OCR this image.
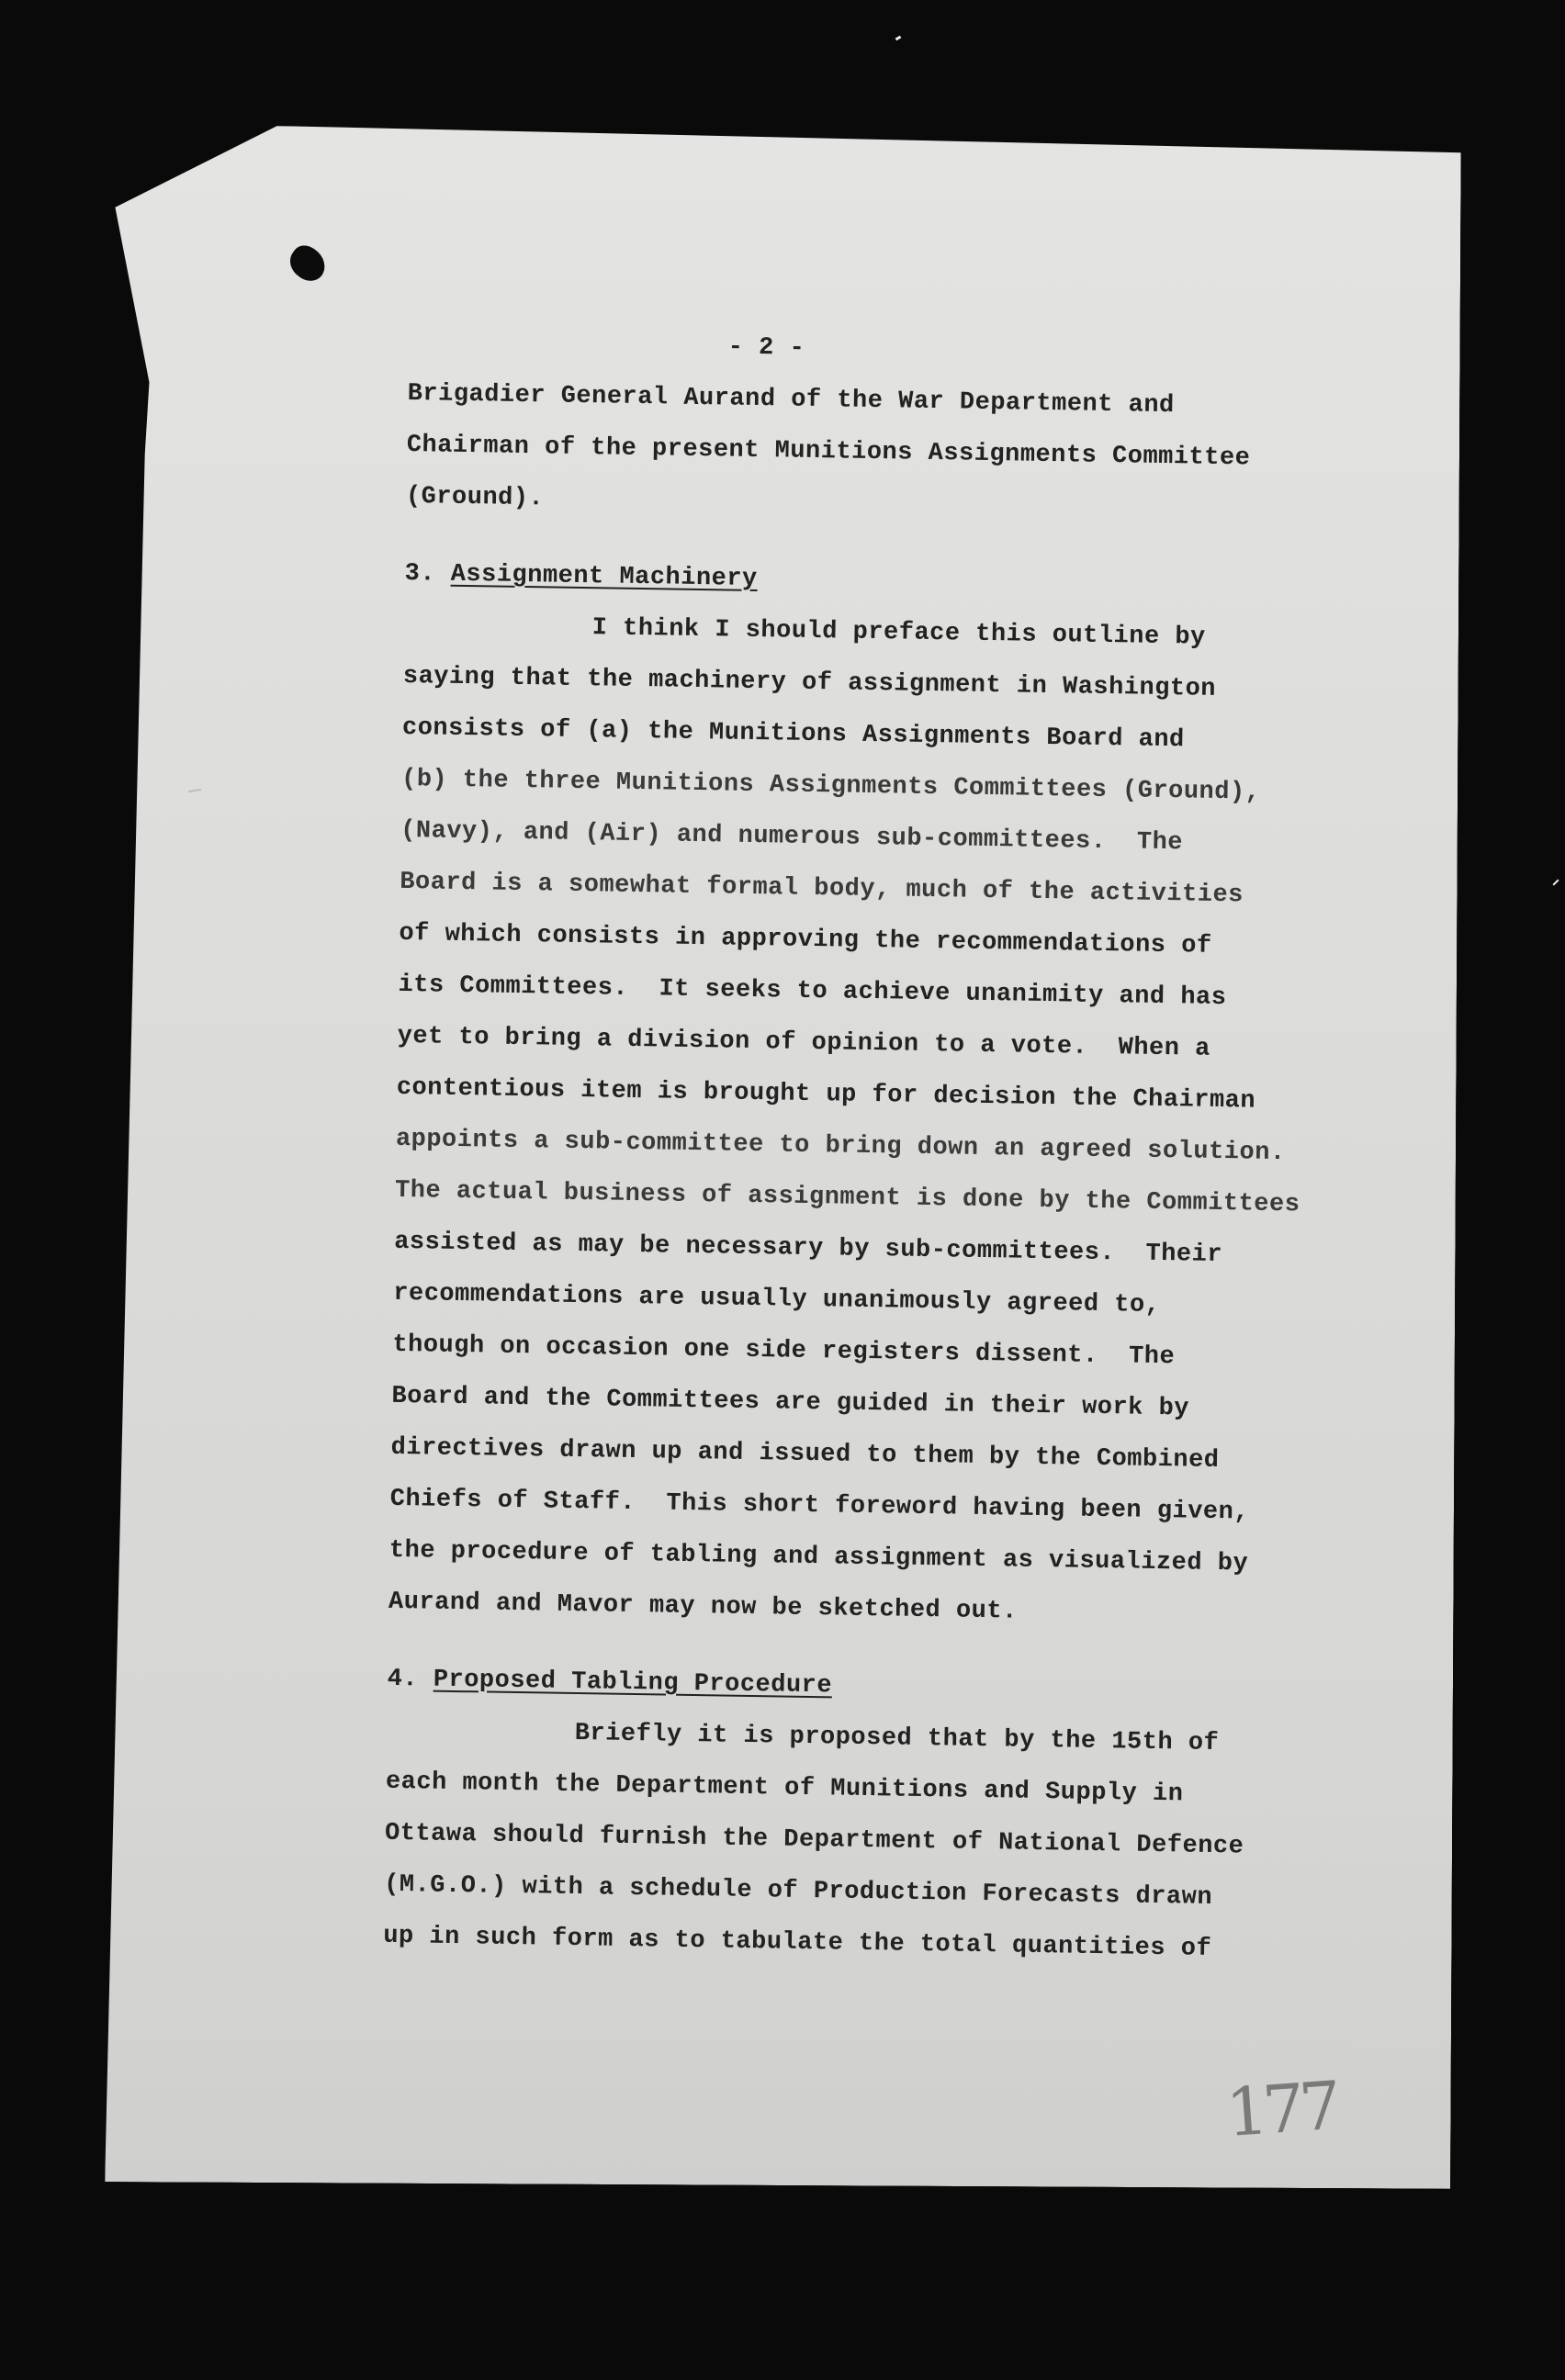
- 2 -
Brigadier General Aurand of the War Department and
Chairman of the present Munitions Assignments Committee
(Ground).
3. Assignment Machinery
I think I should preface this outline by
saying that the machinery of assignment in Washington
consists of (a) the Munitions Assignments Board and
(b) the three Munitions Assignments Committees (Ground),
(Navy), and (Air) and numerous sub-committees.  The
Board is a somewhat formal body, much of the activities
of which consists in approving the recommendations of
its Committees.  It seeks to achieve unanimity and has
yet to bring a division of opinion to a vote.  When a
contentious item is brought up for decision the Chairman
appoints a sub-committee to bring down an agreed solution.
The actual business of assignment is done by the Committees
assisted as may be necessary by sub-committees.  Their
recommendations are usually unanimously agreed to,
though on occasion one side registers dissent.  The
Board and the Committees are guided in their work by
directives drawn up and issued to them by the Combined
Chiefs of Staff.  This short foreword having been given,
the procedure of tabling and assignment as visualized by
Aurand and Mavor may now be sketched out.
4. Proposed Tabling Procedure
Briefly it is proposed that by the 15th of
each month the Department of Munitions and Supply in
Ottawa should furnish the Department of National Defence
(M.G.O.) with a schedule of Production Forecasts drawn
up in such form as to tabulate the total quantities of
177
